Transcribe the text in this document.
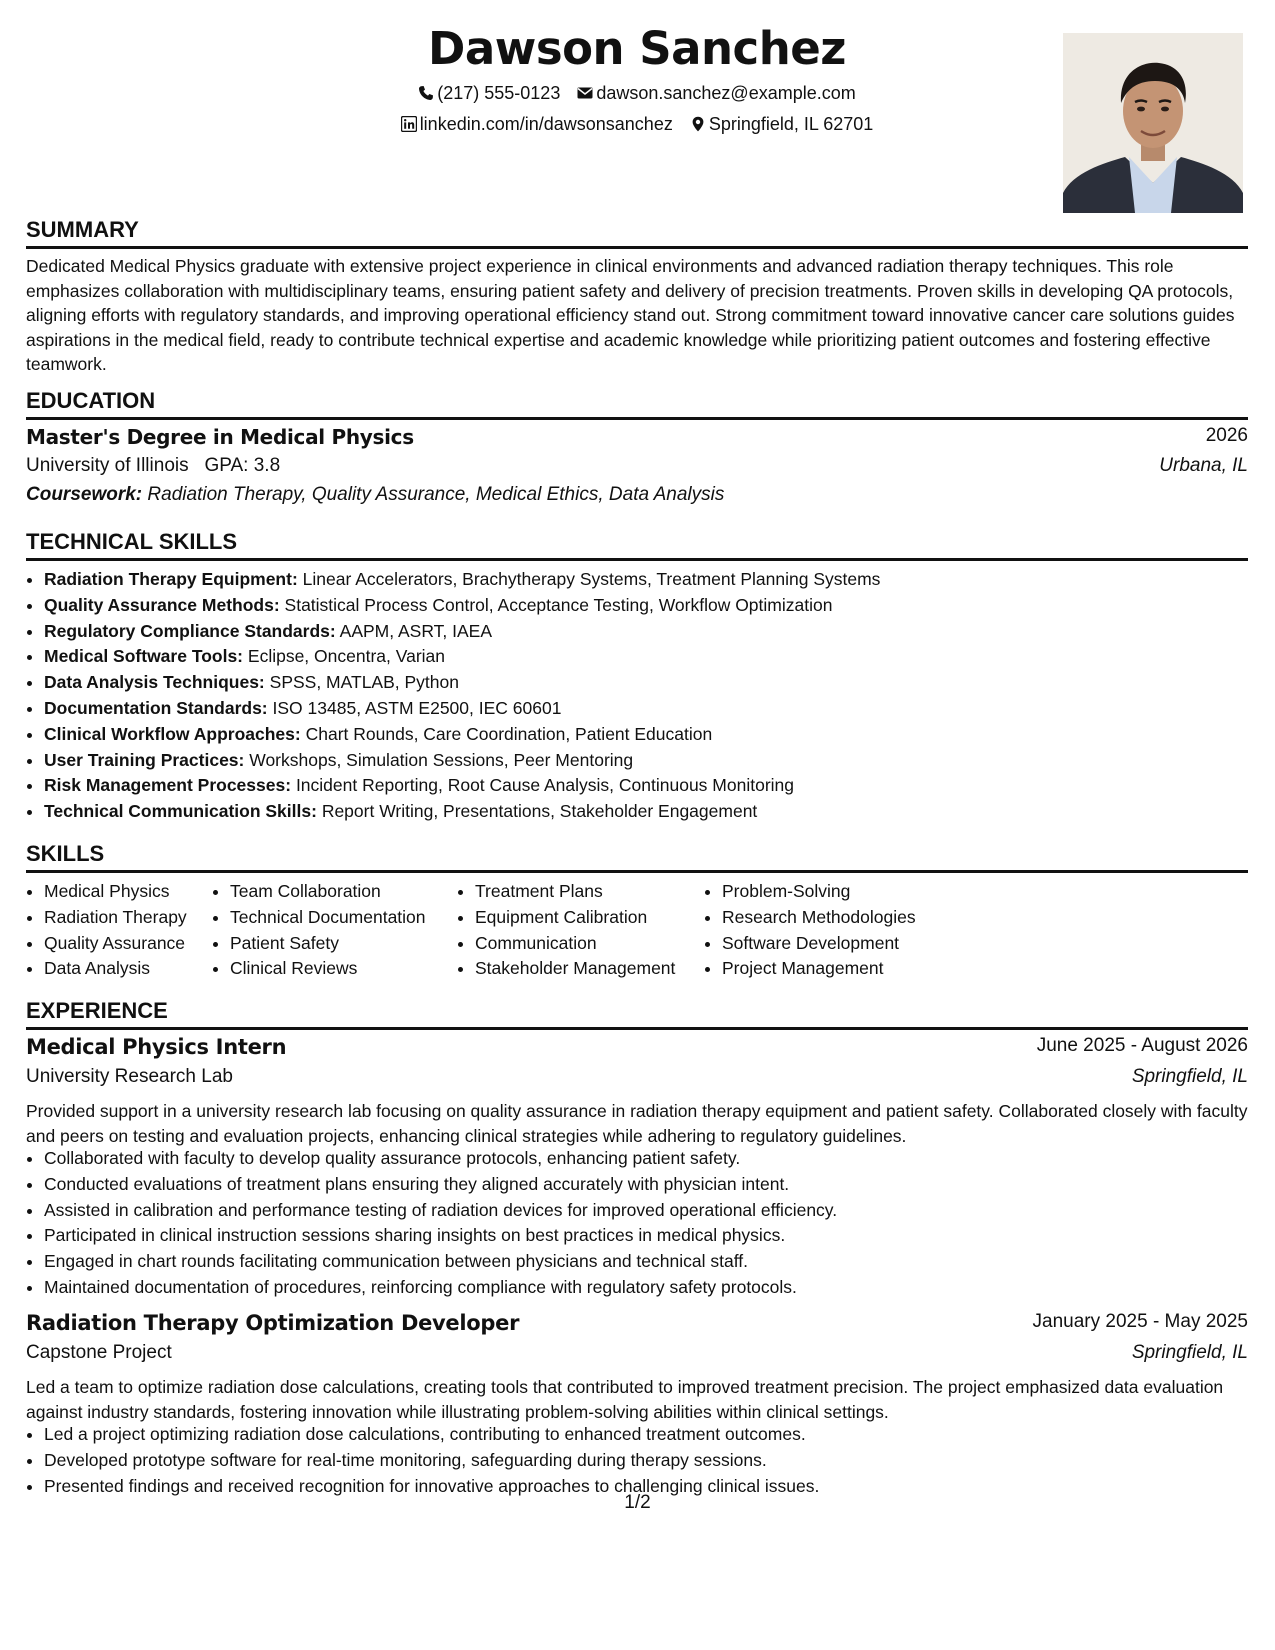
Dawson Sanchez
(217) 555-0123 dawson.sanchez@example.com
linkedin.com/in/dawsonsanchez Springfield, IL 62701
SUMMARY
Dedicated Medical Physics graduate with extensive project experience in clinical environments and advanced radiation therapy techniques. This role emphasizes collaboration with multidisciplinary teams, ensuring patient safety and delivery of precision treatments. Proven skills in developing QA protocols, aligning efforts with regulatory standards, and improving operational efficiency stand out. Strong commitment toward innovative cancer care solutions guides aspirations in the medical field, ready to contribute technical expertise and academic knowledge while prioritizing patient outcomes and fostering effective teamwork.
EDUCATION
Master's Degree in Medical Physics	2026
University of Illinois GPA: 3.8	Urbana, IL
Coursework: Radiation Therapy, Quality Assurance, Medical Ethics, Data Analysis
TECHNICAL SKILLS
• Radiation Therapy Equipment: Linear Accelerators, Brachytherapy Systems, Treatment Planning Systems
• Quality Assurance Methods: Statistical Process Control, Acceptance Testing, Workflow Optimization
• Regulatory Compliance Standards: AAPM, ASRT, IAEA
• Medical Software Tools: Eclipse, Oncentra, Varian
• Data Analysis Techniques: SPSS, MATLAB, Python
• Documentation Standards: ISO 13485, ASTM E2500, IEC 60601
• Clinical Workflow Approaches: Chart Rounds, Care Coordination, Patient Education
• User Training Practices: Workshops, Simulation Sessions, Peer Mentoring
• Risk Management Processes: Incident Reporting, Root Cause Analysis, Continuous Monitoring
• Technical Communication Skills: Report Writing, Presentations, Stakeholder Engagement
SKILLS
• Medical Physics
• Radiation Therapy
• Quality Assurance
• Data Analysis
• Team Collaboration
• Technical Documentation
• Patient Safety
• Clinical Reviews
• Treatment Plans
• Equipment Calibration
• Communication
• Stakeholder Management
• Problem-Solving
• Research Methodologies
• Software Development
• Project Management
EXPERIENCE
Medical Physics Intern	June 2025 - August 2026
University Research Lab	Springfield, IL
Provided support in a university research lab focusing on quality assurance in radiation therapy equipment and patient safety. Collaborated closely with faculty and peers on testing and evaluation projects, enhancing clinical strategies while adhering to regulatory guidelines.
• Collaborated with faculty to develop quality assurance protocols, enhancing patient safety.
• Conducted evaluations of treatment plans ensuring they aligned accurately with physician intent.
• Assisted in calibration and performance testing of radiation devices for improved operational efficiency.
• Participated in clinical instruction sessions sharing insights on best practices in medical physics.
• Engaged in chart rounds facilitating communication between physicians and technical staff.
• Maintained documentation of procedures, reinforcing compliance with regulatory safety protocols.
Radiation Therapy Optimization Developer	January 2025 - May 2025
Capstone Project	Springfield, IL
Led a team to optimize radiation dose calculations, creating tools that contributed to improved treatment precision. The project emphasized data evaluation against industry standards, fostering innovation while illustrating problem-solving abilities within clinical settings.
• Led a project optimizing radiation dose calculations, contributing to enhanced treatment outcomes.
• Developed prototype software for real-time monitoring, safeguarding during therapy sessions.
• Presented findings and received recognition for innovative approaches to challenging clinical issues.
1/2
